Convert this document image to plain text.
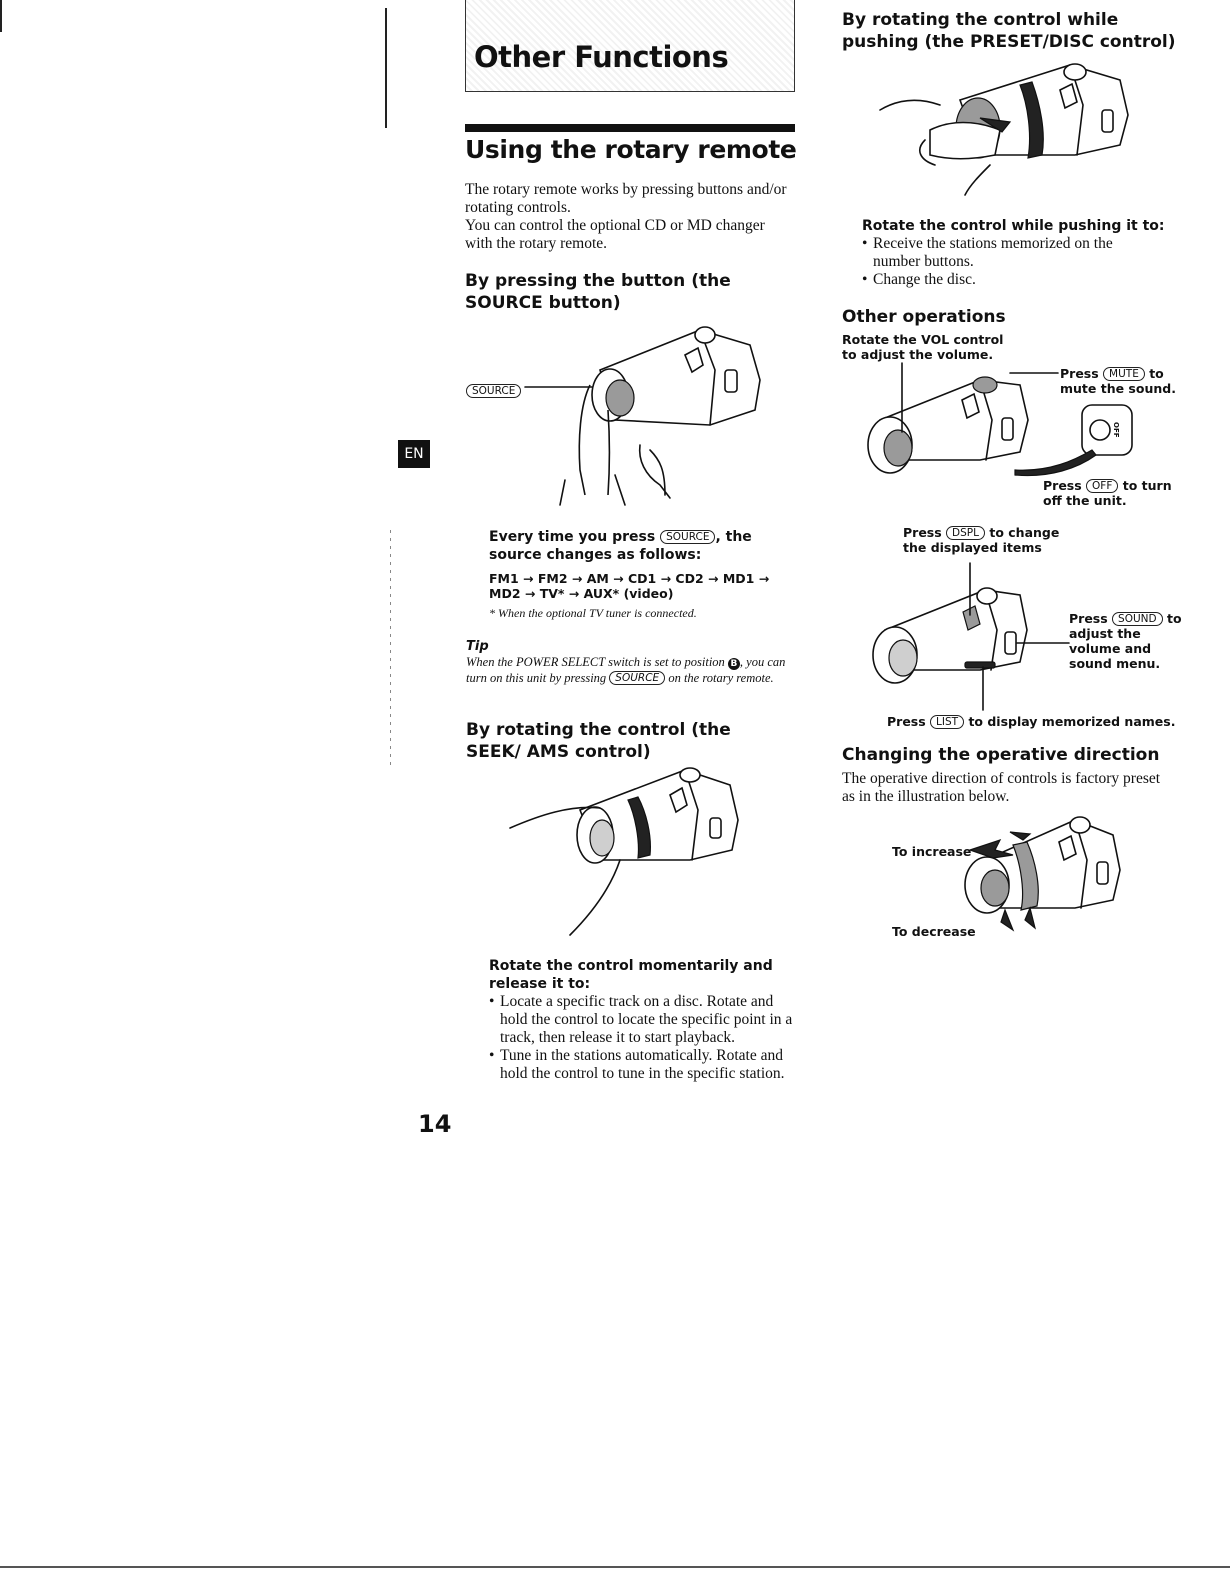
EN
Other Functions
Using the rotary remote
The rotary remote works by pressing buttons and/or rotating controls.
You can control the optional CD or MD changer with the rotary remote.
By pressing the button (the SOURCE button)
SOURCE
Every time you press SOURCE , the source changes as follows:
FM1 → FM2 → AM → CD1 → CD2 → MD1 →
MD2 → TV* → AUX* (video)
* When the optional TV tuner is connected.
Tip
When the POWER SELECT switch is set to position B , you can turn on this unit by pressing SOURCE on the rotary remote.
By rotating the control (the SEEK/ AMS control)
Rotate the control momentarily and release it to:
• Locate a specific track on a disc. Rotate and hold the control to locate the specific point in a track, then release it to start playback.
• Tune in the stations automatically. Rotate and hold the control to tune in the specific station.
14
By rotating the control while pushing (the PRESET/DISC control)
Rotate the control while pushing it to:
• Receive the stations memorized on the number buttons.
• Change the disc.
Other operations
Rotate the VOL control to adjust the volume.
OFF
Press MUTE to mute the sound.
Press OFF to turn off the unit.
Press DSPL to change the displayed items
Press SOUND to adjust the volume and sound menu.
Press LIST to display memorized names.
Changing the operative direction
The operative direction of controls is factory preset as in the illustration below.
To increase
To decrease
